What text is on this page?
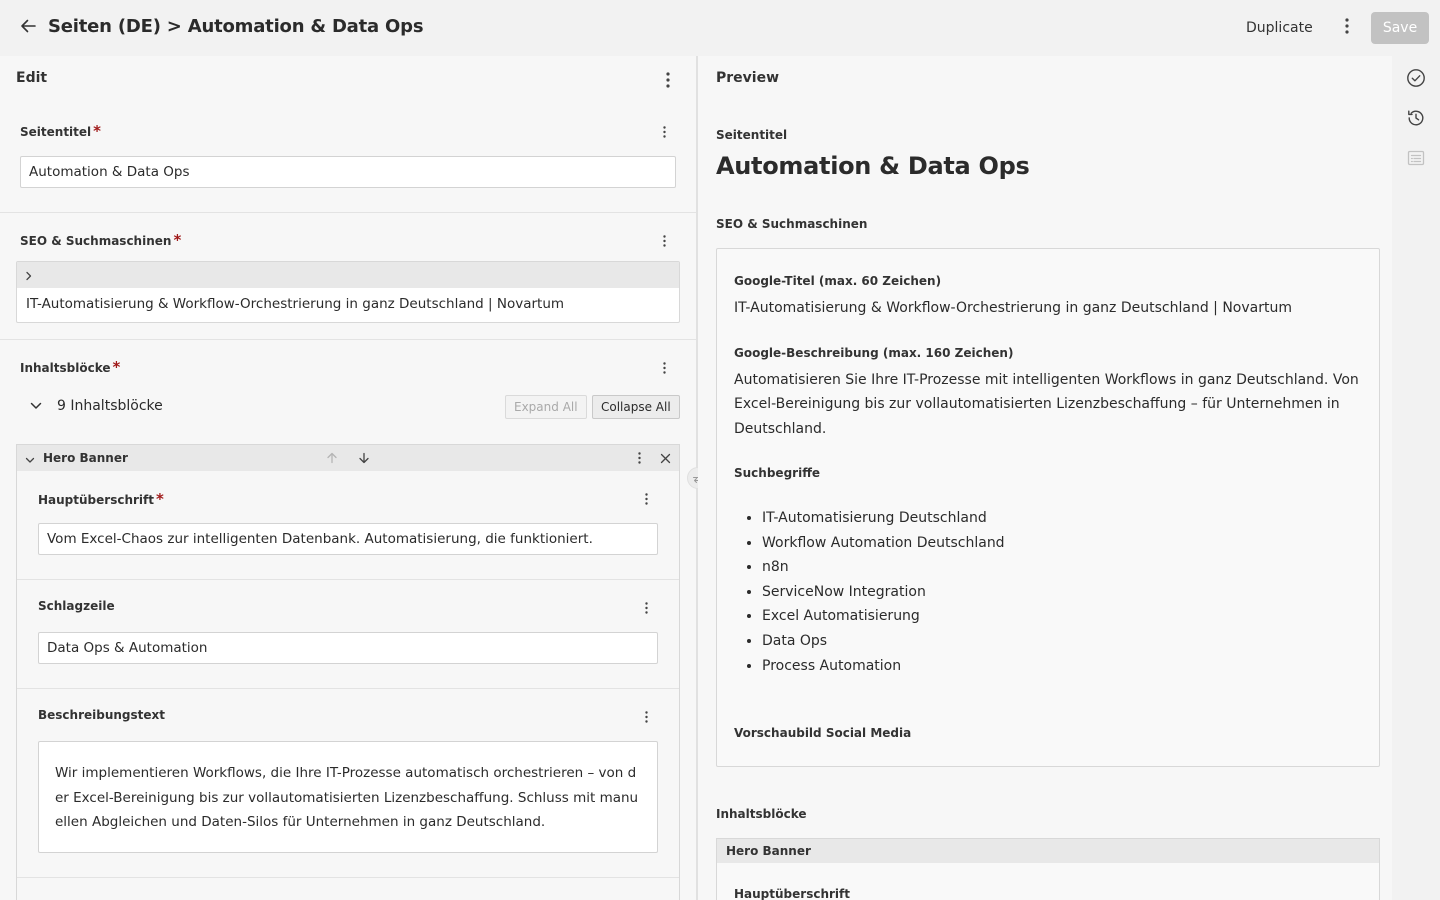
Seiten (DE) > Automation & Data Ops	Duplicate	Save
Edit
Seitentitel *
Automation & Data Ops
SEO & Suchmaschinen *
IT-Automatisierung & Workflow-Orchestrierung in ganz Deutschland | Novartum
Inhaltsblöcke *
9 Inhaltsblöcke	Expand All	Collapse All
Hero Banner
Hauptüberschrift *
Vom Excel-Chaos zur intelligenten Datenbank. Automatisierung, die funktioniert.
Schlagzeile
Data Ops & Automation
Beschreibungstext
Wir implementieren Workflows, die Ihre IT-Prozesse automatisch orchestrieren – von der Excel-Bereinigung bis zur vollautomatisierten Lizenzbeschaffung. Schluss mit manuellen Abgleichen und Daten-Silos für Unternehmen in ganz Deutschland.
Preview
Seitentitel
Automation & Data Ops
SEO & Suchmaschinen
Google-Titel (max. 60 Zeichen)
IT-Automatisierung & Workflow-Orchestrierung in ganz Deutschland | Novartum
Google-Beschreibung (max. 160 Zeichen)
Automatisieren Sie Ihre IT-Prozesse mit intelligenten Workflows in ganz Deutschland. Von
Excel-Bereinigung bis zur vollautomatisierten Lizenzbeschaffung – für Unternehmen in
Deutschland.
Suchbegriffe
• IT-Automatisierung Deutschland
• Workflow Automation Deutschland
• n8n
• ServiceNow Integration
• Excel Automatisierung
• Data Ops
• Process Automation
Vorschaubild Social Media
Inhaltsblöcke
Hero Banner
Hauptüberschrift
